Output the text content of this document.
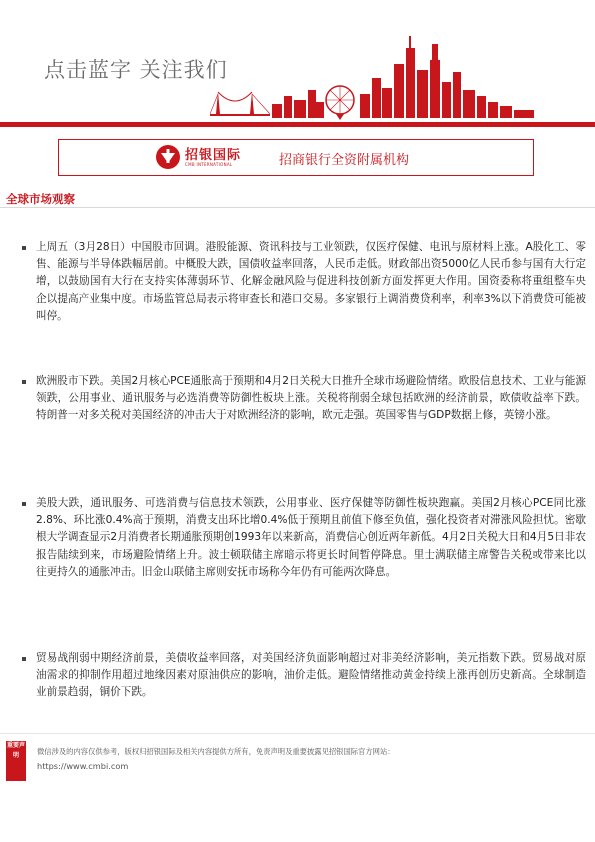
点击蓝字 关注我们
招银国际
CMB INTERNATIONAL	招商银行全资附属机构
全球市场观察
上周五（3月28日）中国股市回调。港股能源、资讯科技与工业领跌，仅医疗保健、电讯与原材料上涨。A股化工、零售、能源与半导体跌幅居前。中概股大跌，国债收益率回落，人民币走低。财政部出资5000亿人民币参与国有大行定增，以鼓励国有大行在支持实体薄弱环节、化解金融风险与促进科技创新方面发挥更大作用。国资委称将重组整车央企以提高产业集中度。市场监管总局表示将审查长和港口交易。多家银行上调消费贷利率，利率3%以下消费贷可能被叫停。
欧洲股市下跌。美国2月核心PCE通胀高于预期和4月2日关税大日推升全球市场避险情绪。欧股信息技术、工业与能源领跌，公用事业、通讯服务与必选消费等防御性板块上涨。关税将削弱全球包括欧洲的经济前景，欧债收益率下跌。特朗普一对多关税对美国经济的冲击大于对欧洲经济的影响，欧元走强。英国零售与GDP数据上修，英镑小涨。
美股大跌，通讯服务、可选消费与信息技术领跌，公用事业、医疗保健等防御性板块跑赢。美国2月核心PCE同比涨2.8%、环比涨0.4%高于预期，消费支出环比增0.4%低于预期且前值下修至负值，强化投资者对滞涨风险担忧。密歇根大学调查显示2月消费者长期通胀预期创1993年以来新高，消费信心创近两年新低。4月2日关税大日和4月5日非农报告陆续到来，市场避险情绪上升。波士顿联储主席暗示将更长时间暂停降息。里士满联储主席警告关税或带来比以往更持久的通胀冲击。旧金山联储主席则安抚市场称今年仍有可能两次降息。
贸易战削弱中期经济前景，美债收益率回落，对美国经济负面影响超过对非美经济影响，美元指数下跌。贸易战对原油需求的抑制作用超过地缘因素对原油供应的影响，油价走低。避险情绪推动黄金持续上涨再创历史新高。全球制造业前景趋弱，铜价下跌。
重要声明	微信涉及的内容仅供参考，版权归招银国际及相关内容提供方所有，免责声明及重要披露见招银国际官方网站：
https://www.cmbi.com
